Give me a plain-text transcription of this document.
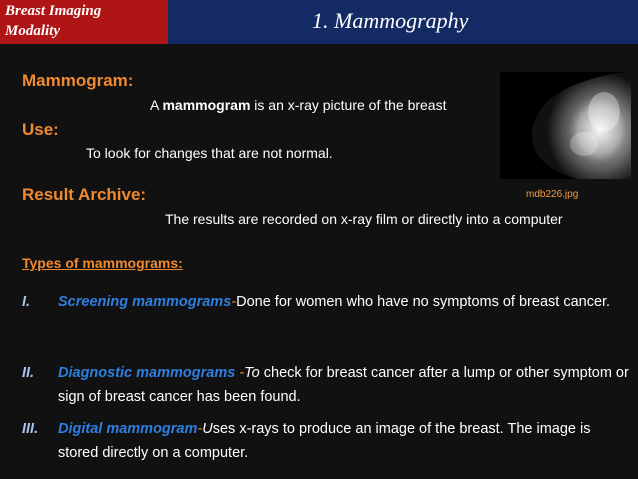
Breast Imaging
Modality	1. Mammography
Mammogram:
A mammogram is an x-ray picture of the breast
Use:
To look for changes that are not normal.
Result Archive:
The results are recorded on x-ray film or directly into a computer
mdb226.jpg
Types of mammograms:
I.	Screening mammograms-Done for women who have no symptoms of breast cancer.
II.	Diagnostic mammograms -To check for breast cancer after a lump or other symptom or sign of breast cancer has been found.
III.	Digital mammogram-Uses x-rays to produce an image of the breast. The image is stored directly on a computer.
